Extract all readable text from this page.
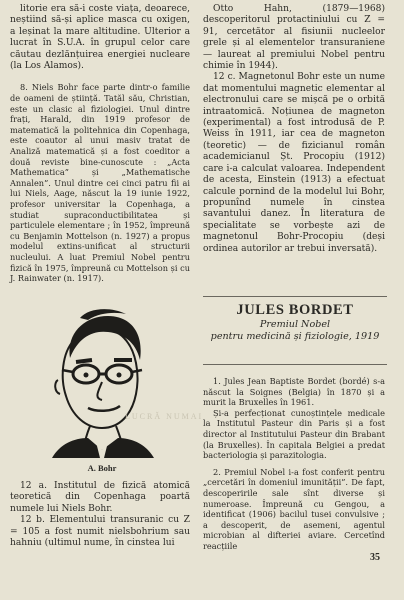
litorie era să-i coste viața, deoarece, neștiind să-și aplice masca cu oxigen, a leșinat la mare altitudine. Ulterior a lucrat în S.U.A. în grupul celor care căutau dezlănțuirea energiei nucleare (la Los Alamos).

8. Niels Bohr face parte dintr-o familie de oameni de știință. Tatăl său, Christian, este un clasic al fiziologiei. Unul dintre frați, Harald, din 1919 profesor de matematică la politehnica din Copenhaga, este coautor al unui masiv tratat de Analiză matematică și a fost coeditor a două reviste bine-cunoscute : „Acta Mathematica” și „Mathematische Annalen”. Unul dintre cei cinci patru fii ai lui Niels, Aage, născut la 19 iunie 1922, profesor universitar la Copenhaga, a studiat supraconductibilitatea și particulele elementare ; în 1952, împreună cu Benjamin Mottelson (n. 1927) a propus modelul extins-unificat al structurii nucleului. A luat Premiul Nobel pentru fizică în 1975, împreună cu Mottelson și cu J. Rainwater (n. 1917).

LUCRĂ NUMAI
A. Bohr

12 a. Institutul de fizică atomică teoretică din Copenhaga poartă numele lui Niels Bohr.

12 b. Elementului transuranic cu Z = 105 a fost numit nielsbohrium sau hahniu (ultimul nume, în cinstea lui

Otto Hahn, (1879—1968) descoperitorul protactiniului cu Z = 91, cercetător al fisiunii nucleelor grele și al elementelor transuraniene — laureat al premiului Nobel pentru chimie în 1944).

12 c. Magnetonul Bohr este un nume dat momentului magnetic elementar al electronului care se mișcă pe o orbită intraatomică. Noțiunea de magneton (experimental) a fost introdusă de P. Weiss în 1911, iar cea de magneton (teoretic) — de fizicianul român academicianul Șt. Procopiu (1912) care i-a calculat valoarea. Independent de acesta, Einstein (1913) a efectuat calcule pornind de la modelul lui Bohr, propunînd numele în cinstea savantului danez. În literatura de specialitate se vorbește azi de magnetonul Bohr-Procopiu (deși ordinea autorilor ar trebui inversată).

JULES BORDET
Premiul Nobel
pentru medicină și fiziologie, 1919

1. Jules Jean Baptiste Bordet (bordé) s-a născut la Soignes (Belgia) în 1870 și a murit la Bruxelles în 1961.

Și-a perfecționat cunoștințele medicale la Institutul Pasteur din Paris și a fost director al Institutului Pasteur din Brabant (la Bruxelles). În capitala Belgiei a predat bacteriologia și parazitologia.

2. Premiul Nobel i-a fost conferit pentru „cercetări în domeniul imunității”. De fapt, descoperirile sale sînt diverse și numeroase. Împreună cu Gengou, a identificat (1906) bacilul tusei convulsive ; a descoperit, de asemeni, agentul microbian al difteriei aviare. Cercetînd reacțiile

35
